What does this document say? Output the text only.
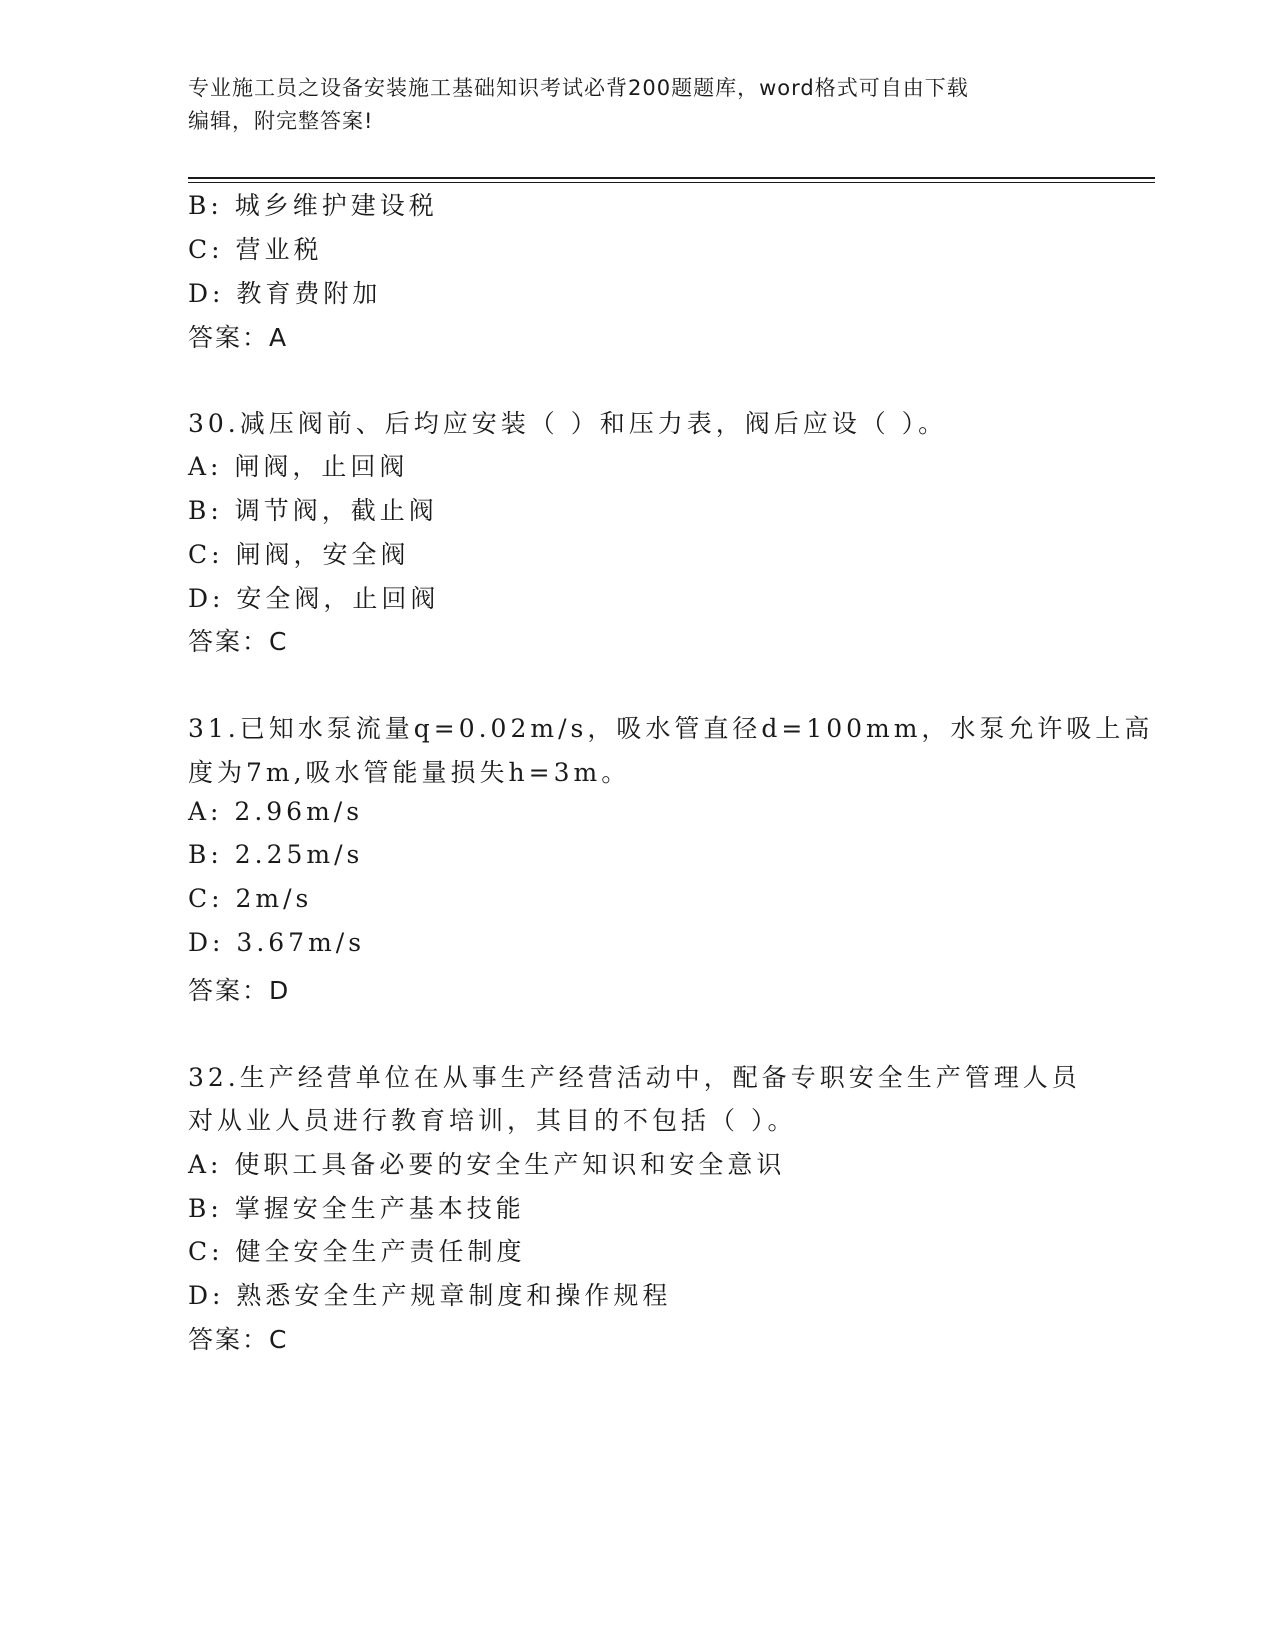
专业施工员之设备安装施工基础知识考试必背200题题库，word格式可自由下载
编辑，附完整答案!
B: 城乡维护建设税
C: 营业税
D: 教育费附加
答案：A
30.减压阀前、后均应安装（ ）和压力表，阀后应设（ ）。
A: 闸阀，止回阀
B: 调节阀，截止阀
C: 闸阀，安全阀
D: 安全阀，止回阀
答案：C
31.已知水泵流量q=0.02m/s，吸水管直径d=100mm，水泵允许吸上高
度为7m,吸水管能量损失h=3m。
A: 2.96m/s
B: 2.25m/s
C: 2m/s
D: 3.67m/s
答案：D
32.生产经营单位在从事生产经营活动中，配备专职安全生产管理人员
对从业人员进行教育培训，其目的不包括（ ）。
A: 使职工具备必要的安全生产知识和安全意识
B: 掌握安全生产基本技能
C: 健全安全生产责任制度
D: 熟悉安全生产规章制度和操作规程
答案：C
